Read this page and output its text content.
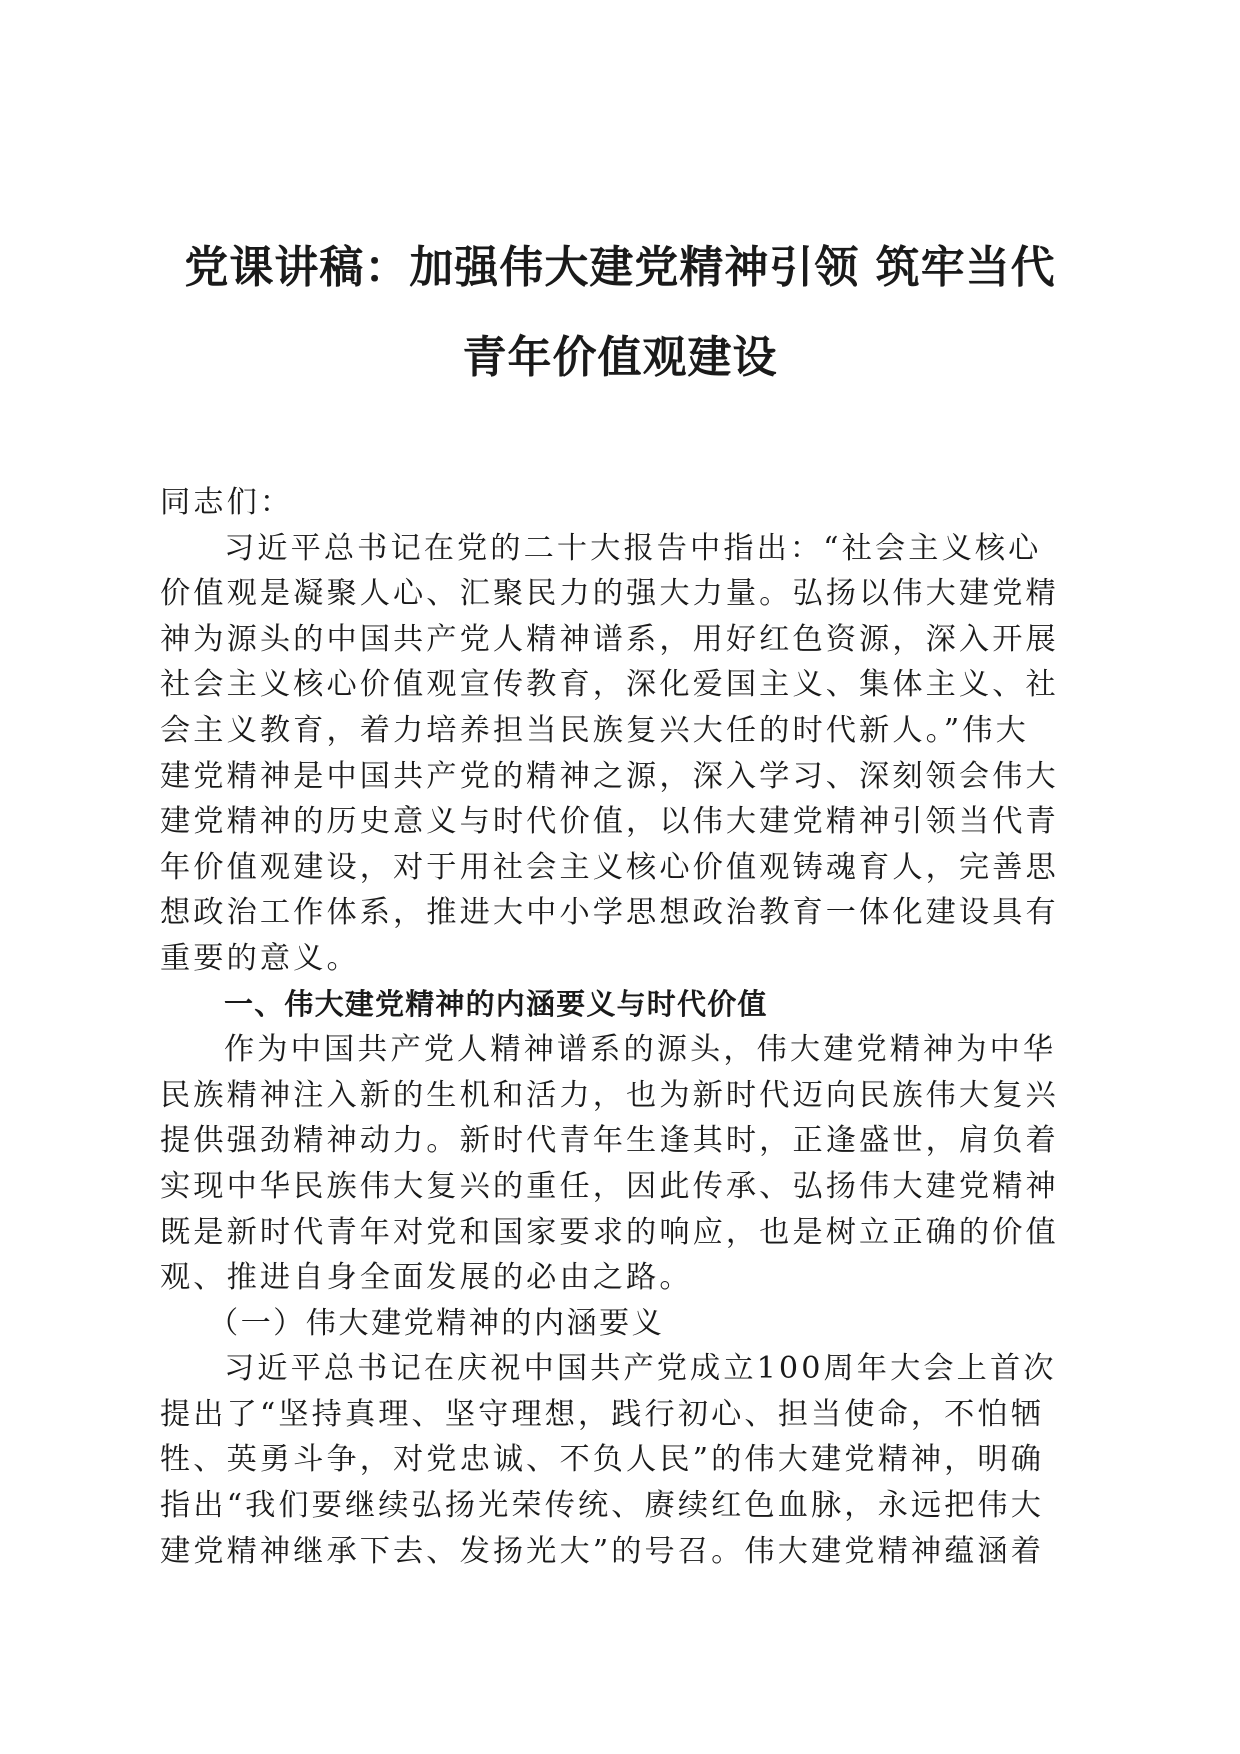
党课讲稿：加强伟大建党精神引领 筑牢当代
青年价值观建设
同志们：
习近平总书记在党的二十大报告中指出：“社会主义核心
价值观是凝聚人心、汇聚民力的强大力量。弘扬以伟大建党精
神为源头的中国共产党人精神谱系，用好红色资源，深入开展
社会主义核心价值观宣传教育，深化爱国主义、集体主义、社
会主义教育，着力培养担当民族复兴大任的时代新人。”伟大
建党精神是中国共产党的精神之源，深入学习、深刻领会伟大
建党精神的历史意义与时代价值，以伟大建党精神引领当代青
年价值观建设，对于用社会主义核心价值观铸魂育人，完善思
想政治工作体系，推进大中小学思想政治教育一体化建设具有
重要的意义。
一、伟大建党精神的内涵要义与时代价值
作为中国共产党人精神谱系的源头，伟大建党精神为中华
民族精神注入新的生机和活力，也为新时代迈向民族伟大复兴
提供强劲精神动力。新时代青年生逢其时，正逢盛世，肩负着
实现中华民族伟大复兴的重任，因此传承、弘扬伟大建党精神
既是新时代青年对党和国家要求的响应，也是树立正确的价值
观、推进自身全面发展的必由之路。
（一）伟大建党精神的内涵要义
习近平总书记在庆祝中国共产党成立100周年大会上首次
提出了“坚持真理、坚守理想，践行初心、担当使命，不怕牺
牲、英勇斗争，对党忠诚、不负人民”的伟大建党精神，明确
指出“我们要继续弘扬光荣传统、赓续红色血脉，永远把伟大
建党精神继承下去、发扬光大”的号召。伟大建党精神蕴涵着
